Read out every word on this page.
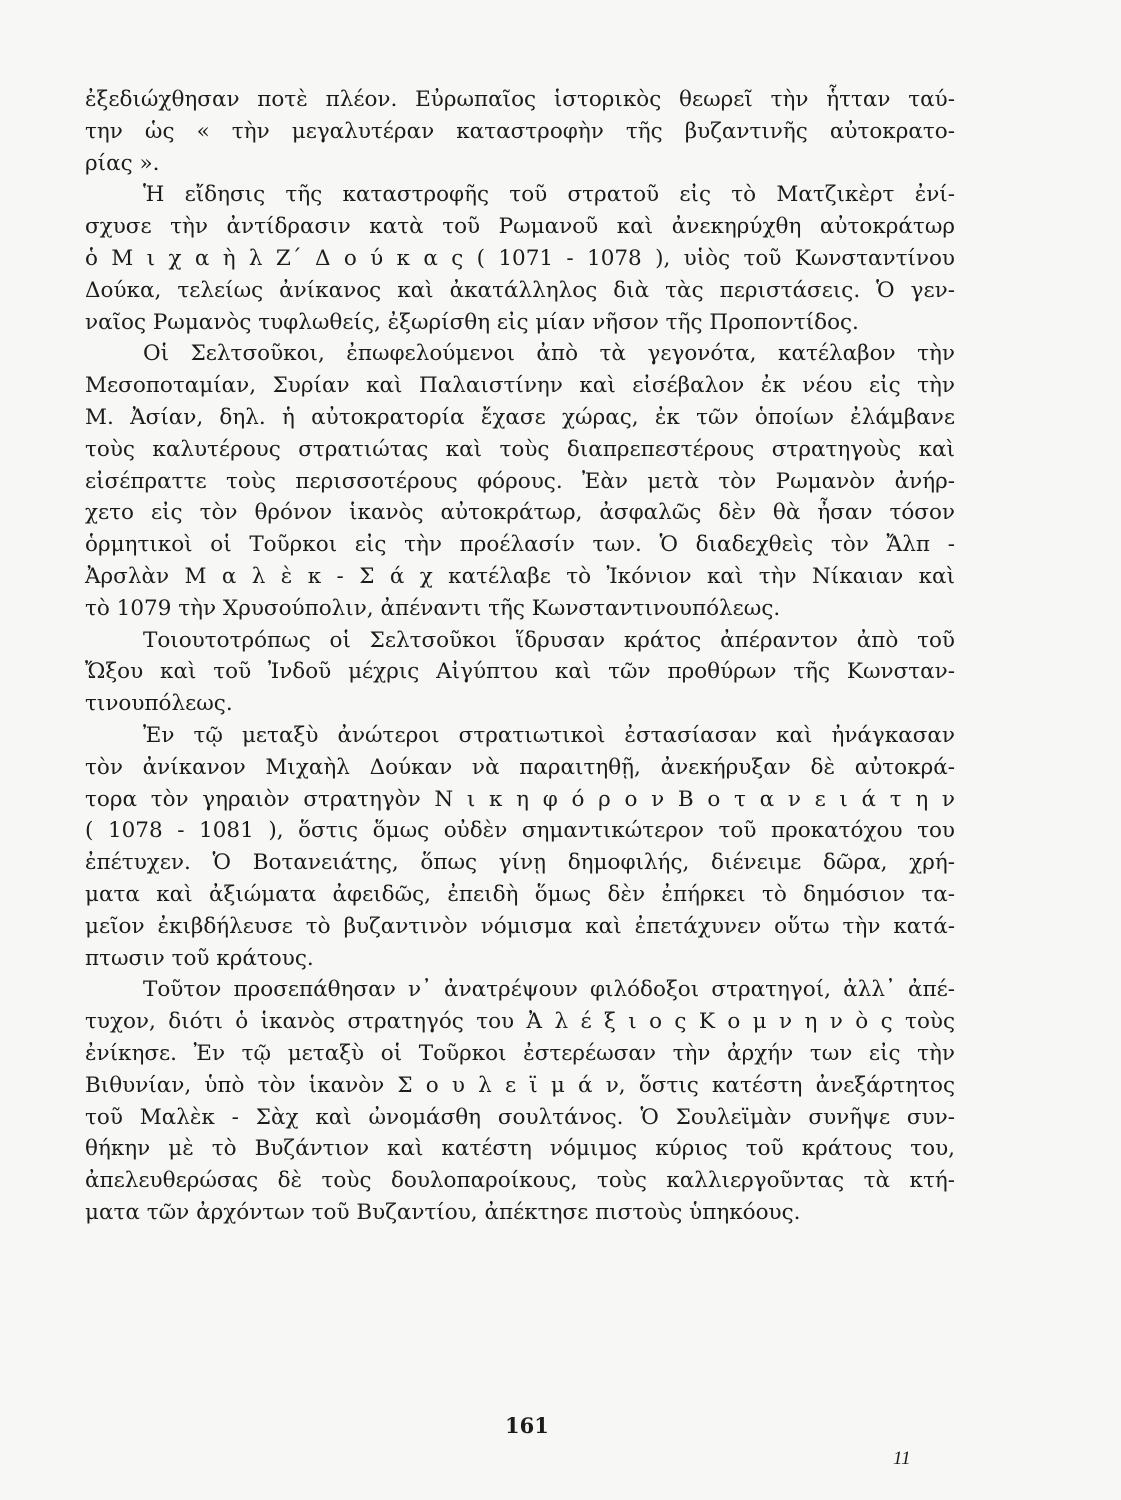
ἐξεδιώχθησαν ποτὲ πλέον. Εὐρωπαῖος ἱστορικὸς θεωρεῖ τὴν ἧτταν ταύ-
την ὡς « τὴν μεγαλυτέραν καταστροφὴν τῆς βυζαντινῆς αὐτοκρατο-
ρίας ».
Ἡ εἴδησις τῆς καταστροφῆς τοῦ στρατοῦ εἰς τὸ Ματζικὲρτ ἐνί-
σχυσε τὴν ἀντίδρασιν κατὰ τοῦ Ρωμανοῦ καὶ ἀνεκηρύχθη αὐτοκράτωρ
ὁ Μ ι χ α ὴ λ Ζ΄ Δ ο ύ κ α ς ( 1071 - 1078 ), υἱὸς τοῦ Κωνσταντίνου
Δούκα, τελείως ἀνίκανος καὶ ἀκατάλληλος διὰ τὰς περιστάσεις. Ὁ γεν-
ναῖος Ρωμανὸς τυφλωθείς, ἐξωρίσθη εἰς μίαν νῆσον τῆς Προποντίδος.
Οἱ Σελτσοῦκοι, ἐπωφελούμενοι ἀπὸ τὰ γεγονότα, κατέλαβον τὴν
Μεσοποταμίαν, Συρίαν καὶ Παλαιστίνην καὶ εἰσέβαλον ἐκ νέου εἰς τὴν
Μ. Ἀσίαν, δηλ. ἡ αὐτοκρατορία ἔχασε χώρας, ἐκ τῶν ὁποίων ἐλάμβανε
τοὺς καλυτέρους στρατιώτας καὶ τοὺς διαπρεπεστέρους στρατηγοὺς καὶ
εἰσέπραττε τοὺς περισσοτέρους φόρους. Ἐὰν μετὰ τὸν Ρωμανὸν ἀνήρ-
χετο εἰς τὸν θρόνον ἱκανὸς αὐτοκράτωρ, ἀσφαλῶς δὲν θὰ ἦσαν τόσον
ὁρμητικοὶ οἱ Τοῦρκοι εἰς τὴν προέλασίν των. Ὁ διαδεχθεὶς τὸν Ἄλπ -
Ἀρσλὰν Μ α λ ὲ κ - Σ ά χ κατέλαβε τὸ Ἰκόνιον καὶ τὴν Νίκαιαν καὶ
τὸ 1079 τὴν Χρυσούπολιν, ἀπέναντι τῆς Κωνσταντινουπόλεως.
Τοιουτοτρόπως οἱ Σελτσοῦκοι ἵδρυσαν κράτος ἀπέραντον ἀπὸ τοῦ
Ὤξου καὶ τοῦ Ἰνδοῦ μέχρις Αἰγύπτου καὶ τῶν προθύρων τῆς Κωνσταν-
τινουπόλεως.
Ἐν τῷ μεταξὺ ἀνώτεροι στρατιωτικοὶ ἐστασίασαν καὶ ἠνάγκασαν
τὸν ἀνίκανον Μιχαὴλ Δούκαν νὰ παραιτηθῇ, ἀνεκήρυξαν δὲ αὐτοκρά-
τορα τὸν γηραιὸν στρατηγὸν Ν ι κ η φ ό ρ ο ν Β ο τ α ν ε ι ά τ η ν
( 1078 - 1081 ), ὅστις ὅμως οὐδὲν σημαντικώτερον τοῦ προκατόχου του
ἐπέτυχεν. Ὁ Βοτανειάτης, ὅπως γίνῃ δημοφιλής, διένειμε δῶρα, χρή-
ματα καὶ ἀξιώματα ἀφειδῶς, ἐπειδὴ ὅμως δὲν ἐπήρκει τὸ δημόσιον τα-
μεῖον ἐκιβδήλευσε τὸ βυζαντινὸν νόμισμα καὶ ἐπετάχυνεν οὕτω τὴν κατά-
πτωσιν τοῦ κράτους.
Τοῦτον προσεπάθησαν ν᾽ ἀνατρέψουν φιλόδοξοι στρατηγοί, ἀλλ᾽ ἀπέ-
τυχον, διότι ὁ ἱκανὸς στρατηγός του Ἀ λ έ ξ ι ο ς Κ ο μ ν η ν ὸ ς τοὺς
ἐνίκησε. Ἐν τῷ μεταξὺ οἱ Τοῦρκοι ἐστερέωσαν τὴν ἀρχήν των εἰς τὴν
Βιθυνίαν, ὑπὸ τὸν ἱκανὸν Σ ο υ λ ε ϊ μ ά ν, ὅστις κατέστη ἀνεξάρτητος
τοῦ Μαλὲκ - Σὰχ καὶ ὠνομάσθη σουλτάνος. Ὁ Σουλεϊμὰν συνῆψε συν-
θήκην μὲ τὸ Βυζάντιον καὶ κατέστη νόμιμος κύριος τοῦ κράτους του,
ἀπελευθερώσας δὲ τοὺς δουλοπαροίκους, τοὺς καλλιεργοῦντας τὰ κτή-
ματα τῶν ἀρχόντων τοῦ Βυζαντίου, ἀπέκτησε πιστοὺς ὑπηκόους.
161
11
